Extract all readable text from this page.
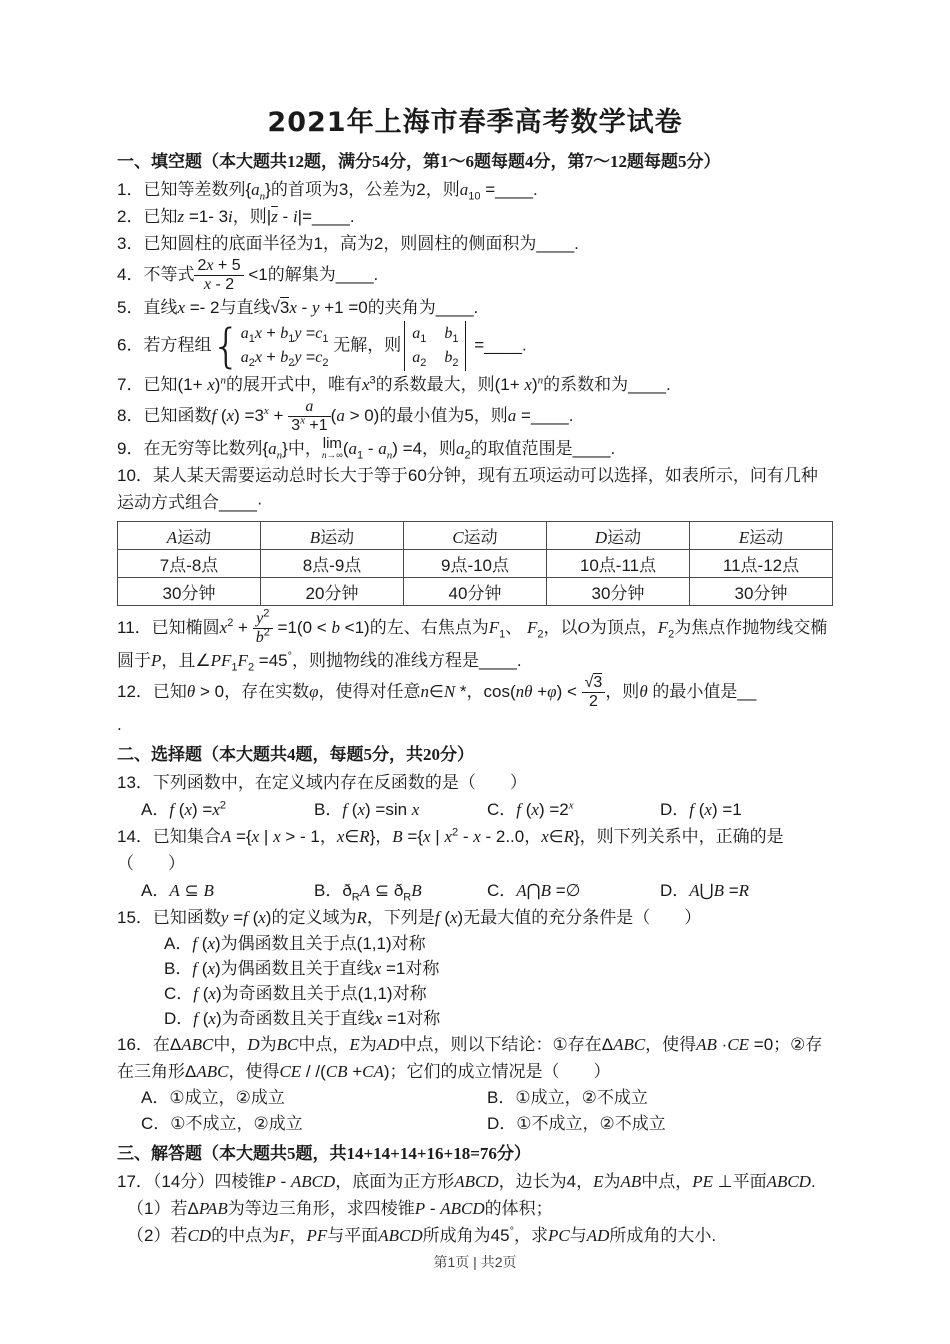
2021年上海市春季高考数学试卷

一、填空题（本大题共12题，满分54分，第1～6题每题4分，第7～12题每题5分）

1．已知等差数列$\{a_n\}$的首项为3，公差为2，则$a_{10}$ =____.

2．已知z =1- 3i，则$|\overline{z}$ - i|=____.

3．已知圆柱的底面半径为1，高为2，则圆柱的侧面积为____.

4．不等式 $\frac{2x + 5}{x - 2} <1$的解集为____.

5．直线x =- 2与直线√3x - y +1 =0的夹角为____.

6．若方程组 { $a_1x + b_1y =c_1$
$a_2x + b_2y =c_2$
无解，则
$a_1$ $b_1$
$a_2$ $b_2$
=____.

7．已知$(1+ x)^n$的展开式中，唯有$x^3$的系数最大，则$(1+ x)^n$的系数和为____.

8．已知函数f $(x) =3^x + \frac{a}{3^x +1} (a > 0)$的最小值为5，则a =____.

9．在无穷等比数列$\{a_n\}$中， lim
n→∞ $(a_1 - a_n) =4$，则$a_2$的取值范围是____.

10．某人某天需要运动总时长大于等于60分钟，现有五项运动可以选择，如表所示，问有几种运动方式组合____·

A运动	B运动	C运动	D运动	E运动
7点-8点	8点-9点	9点-10点	10点-11点	11点-12点
30分钟	20分钟	40分钟	30分钟	30分钟

11．已知椭圆$x^2 + \frac{y^2}{b^2} =1(0 < b <1)$的左、右焦点为$F_1$、 $F_2$，以O为顶点，$F_2$为焦点作抛物线交椭圆于P，且$\angle PF_1F_2 =45^\circ$，则抛物线的准线方程是____.

12．已知θ > 0，存在实数φ，使得对任意n∈N *，$\cos(n\theta +\varphi) < \frac{√3}{2}$ ，则θ 的最小值是__

.

二、选择题（本大题共4题，每题5分，共20分）

13．下列函数中，在定义域内存在反函数的是（　　）

A．f $(x) =x^2$	B．f (x) =sin x	C．f $(x) =2^x$	D．f (x) =1

14．已知集合A ={x | x > - 1，x∈R}，B ={x | $x^2$ - x - 2..0，x∈R}，则下列关系中，正确的是（　　）

A．A ⊆ B	B．$ð_RA$ ⊆ $ð_RB$	C．A⋂B =∅	D．A⋃B =R

15．已知函数y =f (x)的定义域为R，下列是f (x)无最大值的充分条件是（　　）

A．f (x)为偶函数且关于点(1,1)对称

B．f (x)为偶函数且关于直线x =1对称

C．f (x)为奇函数且关于点(1,1)对称

D．f (x)为奇函数且关于直线x =1对称

16．在ΔABC中，D为BC中点，E为AD中点，则以下结论：①存在ΔABC，使得AB ·CE =0；②存在三角形ΔABC，使得CE / /(CB +CA)；它们的成立情况是（　　）

A．①成立，②成立	B．①成立，②不成立
C．①不成立，②成立	D．①不成立，②不成立

三、解答题（本大题共5题，共14+14+14+16+18=76分）

17．（14分）四棱锥P - ABCD，底面为正方形ABCD，边长为4，E为AB中点，PE ⊥平面ABCD.

（1）若ΔPAB为等边三角形，求四棱锥P - ABCD的体积；

（2）若CD的中点为F，PF与平面ABCD所成角为45°，求PC与AD所成角的大小.

第1页 | 共2页
